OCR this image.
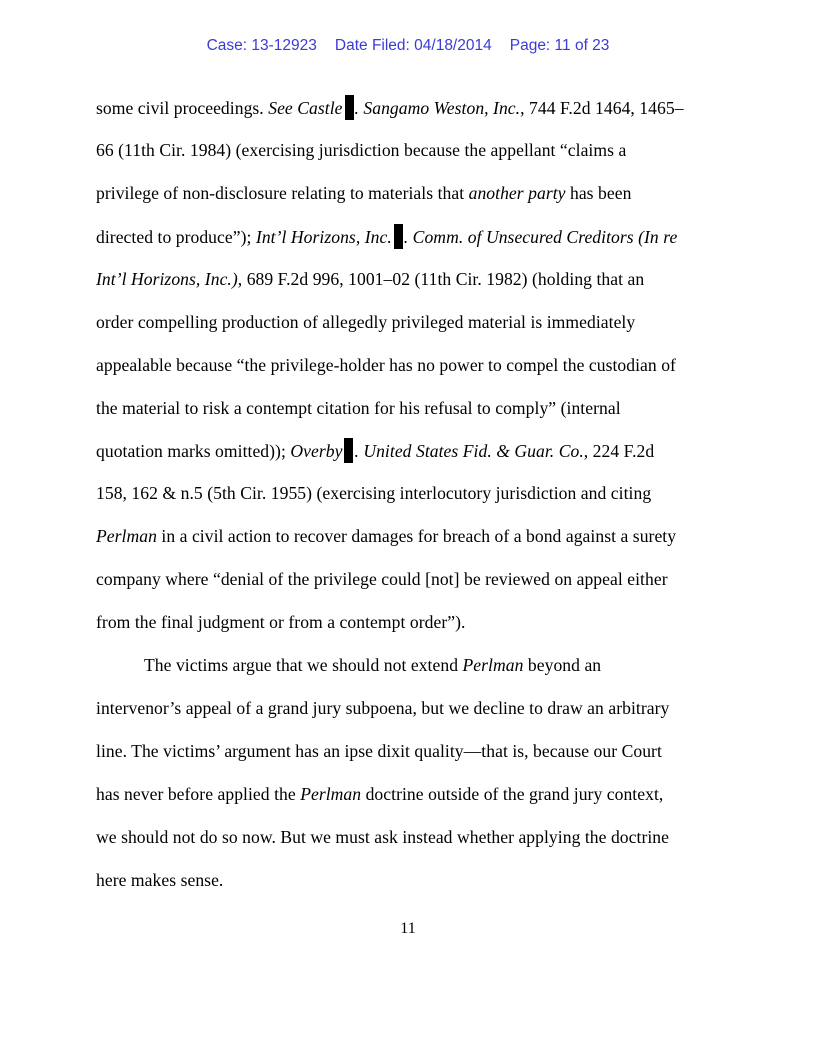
Case: 13-12923 Date Filed: 04/18/2014 Page: 11 of 23
some civil proceedings. See Castle . Sangamo Weston, Inc., 744 F.2d 1464, 1465–
66 (11th Cir. 1984) (exercising jurisdiction because the appellant “claims a
privilege of non-disclosure relating to materials that another party has been
directed to produce”); Int’l Horizons, Inc. . Comm. of Unsecured Creditors (In re
Int’l Horizons, Inc.), 689 F.2d 996, 1001–02 (11th Cir. 1982) (holding that an
order compelling production of allegedly privileged material is immediately
appealable because “the privilege-holder has no power to compel the custodian of
the material to risk a contempt citation for his refusal to comply” (internal
quotation marks omitted)); Overby . United States Fid. & Guar. Co., 224 F.2d
158, 162 & n.5 (5th Cir. 1955) (exercising interlocutory jurisdiction and citing
Perlman in a civil action to recover damages for breach of a bond against a surety
company where “denial of the privilege could [not] be reviewed on appeal either
from the final judgment or from a contempt order”).
The victims argue that we should not extend Perlman beyond an
intervenor’s appeal of a grand jury subpoena, but we decline to draw an arbitrary
line. The victims’ argument has an ipse dixit quality—that is, because our Court
has never before applied the Perlman doctrine outside of the grand jury context,
we should not do so now. But we must ask instead whether applying the doctrine
here makes sense.
11
